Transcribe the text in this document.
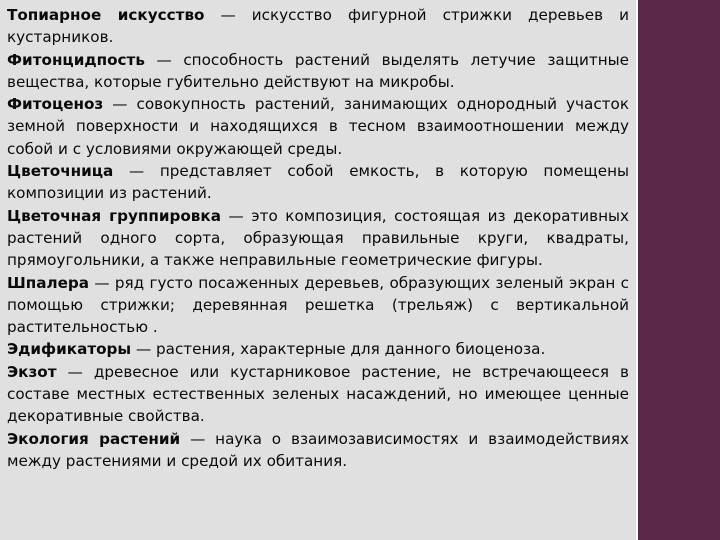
Топиарное искусство — искусство фигурной стрижки деревьев и кустарников.

Фитонцидпость — способность растений выделять летучие защитные вещества, которые губительно действуют на микробы.

Фитоценоз — совокупность растений, занимающих однородный участок земной поверхности и находящихся в тесном взаимоотношении между собой и с условиями окружающей среды.

Цветочница — представляет собой емкость, в которую помещены композиции из растений.

Цветочная группировка — это композиция, состоящая из декоративных растений одного сорта, образующая правильные круги, квадраты, прямоугольники, а также неправильные геометрические фигуры.

Шпалера — ряд густо посаженных деревьев, образующих зеленый экран с помощью стрижки; деревянная решетка (трельяж) с вертикальной растительностью .

Эдификаторы — растения, характерные для данного биоценоза.

Экзот — древесное или кустарниковое растение, не встречающееся в составе местных естественных зеленых насаждений, но имеющее ценные декоративные свойства.

Экология растений — наука о взаимозависимостях и взаимодействиях между растениями и средой их обитания.
